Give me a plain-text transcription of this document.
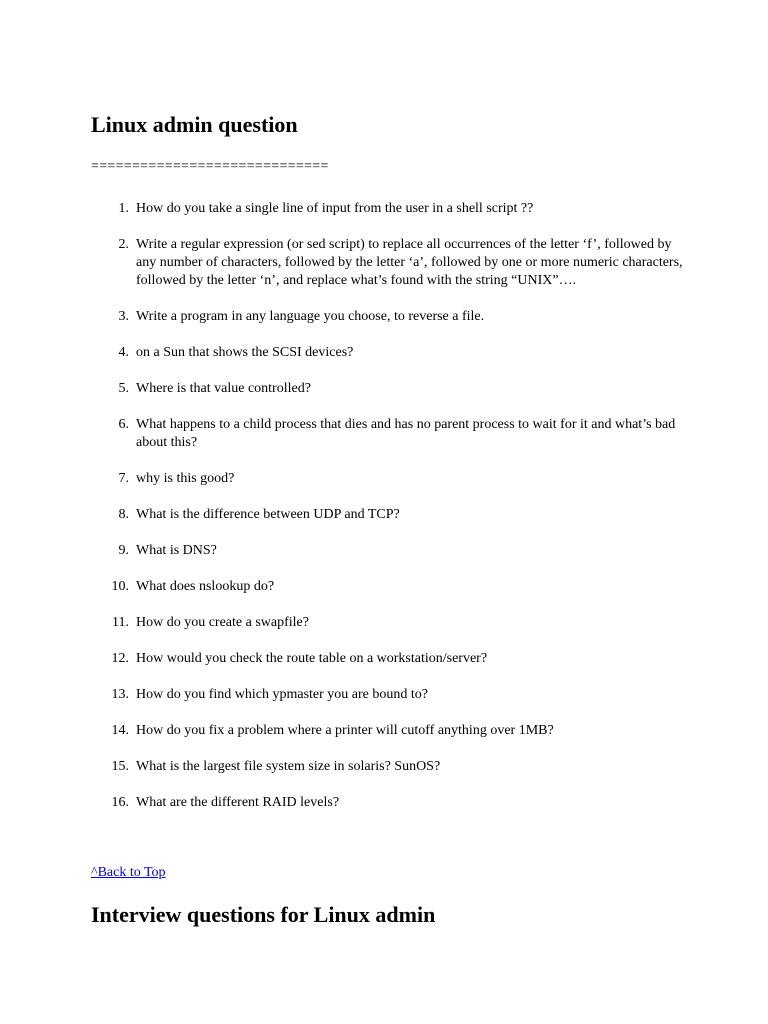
Linux admin question
=============================
1. How do you take a single line of input from the user in a shell script ??
2. Write a regular expression (or sed script) to replace all occurrences of the letter ‘f’, followed by any number of characters, followed by the letter ‘a’, followed by one or more numeric characters, followed by the letter ‘n’, and replace what’s found with the string “UNIX”….
3. Write a program in any language you choose, to reverse a file.
4. on a Sun that shows the SCSI devices?
5. Where is that value controlled?
6. What happens to a child process that dies and has no parent process to wait for it and what’s bad about this?
7. why is this good?
8. What is the difference between UDP and TCP?
9. What is DNS?
10. What does nslookup do?
11. How do you create a swapfile?
12. How would you check the route table on a workstation/server?
13. How do you find which ypmaster you are bound to?
14. How do you fix a problem where a printer will cutoff anything over 1MB?
15. What is the largest file system size in solaris? SunOS?
16. What are the different RAID levels?
^Back to Top
Interview questions for Linux admin
